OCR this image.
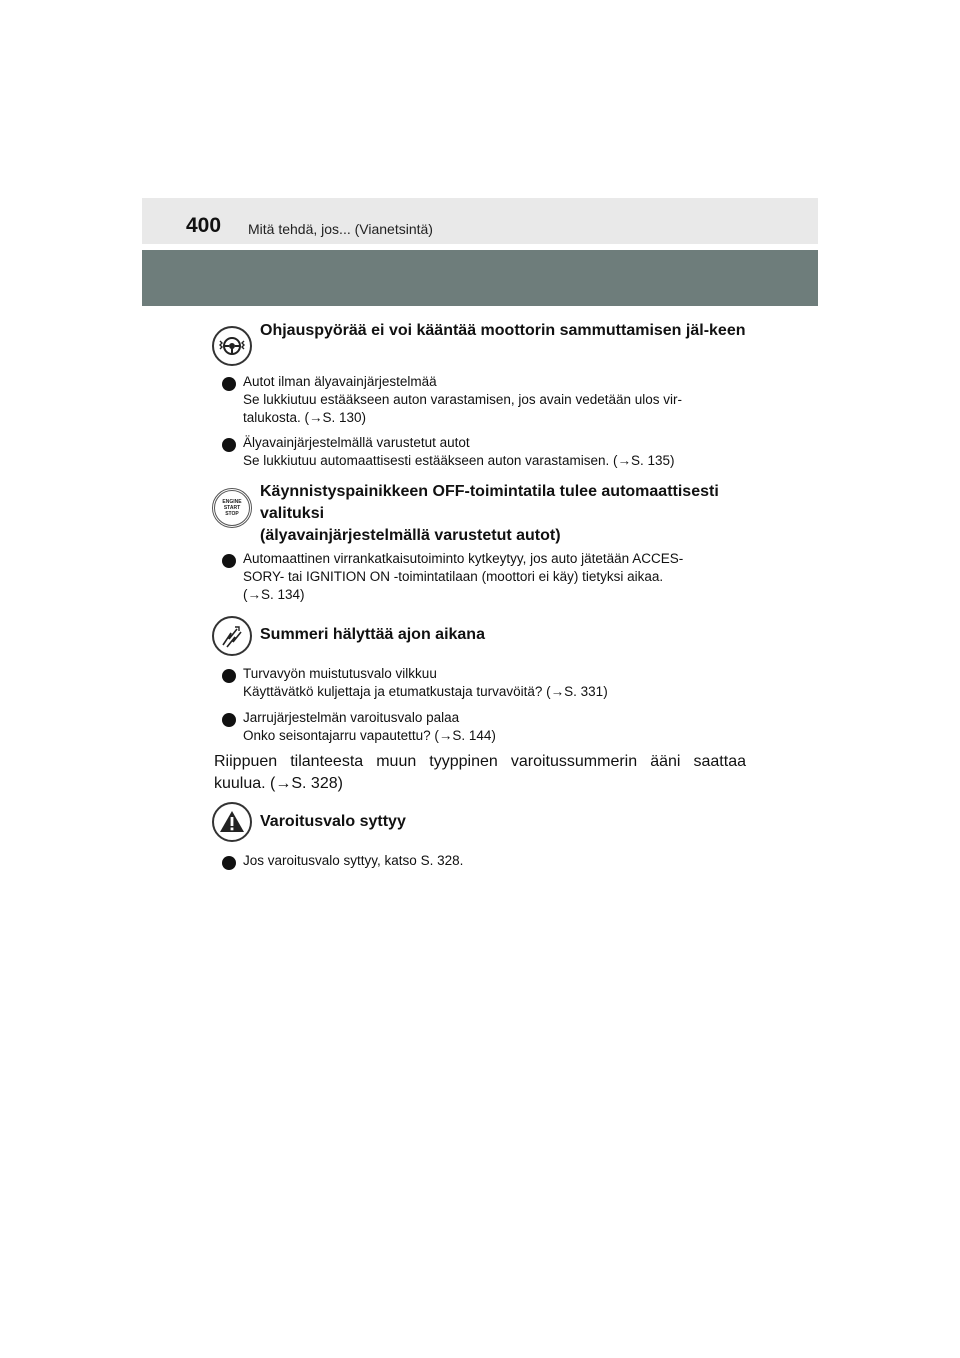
400 Mitä tehdä, jos... (Vianetsintä)
Ohjauspyörää ei voi kääntää moottorin sammuttamisen jäl-keen
Autot ilman älyavainjärjestelmää
Se lukkiutuu estääkseen auton varastamisen, jos avain vedetään ulos vir-
talukosta. (→S. 130)
Älyavainjärjestelmällä varustetut autot
Se lukkiutuu automaattisesti estääkseen auton varastamisen. (→S. 135)
ENGINE
START
STOP
Käynnistyspainikkeen OFF-toimintatila tulee automaattisesti
valituksi
(älyavainjärjestelmällä varustetut autot)
Automaattinen virrankatkaisutoiminto kytkeytyy, jos auto jätetään ACCES-
SORY- tai IGNITION ON -toimintatilaan (moottori ei käy) tietyksi aikaa.
(→S. 134)
Summeri hälyttää ajon aikana
Turvavyön muistutusvalo vilkkuu
Käyttävätkö kuljettaja ja etumatkustaja turvavöitä? (→S. 331)
Jarrujärjestelmän varoitusvalo palaa
Onko seisontajarru vapautettu? (→S. 144)
Riippuen tilanteesta muun tyyppinen varoitussummerin ääni saattaa kuulua. (→S. 328)
Varoitusvalo syttyy
Jos varoitusvalo syttyy, katso S. 328.
